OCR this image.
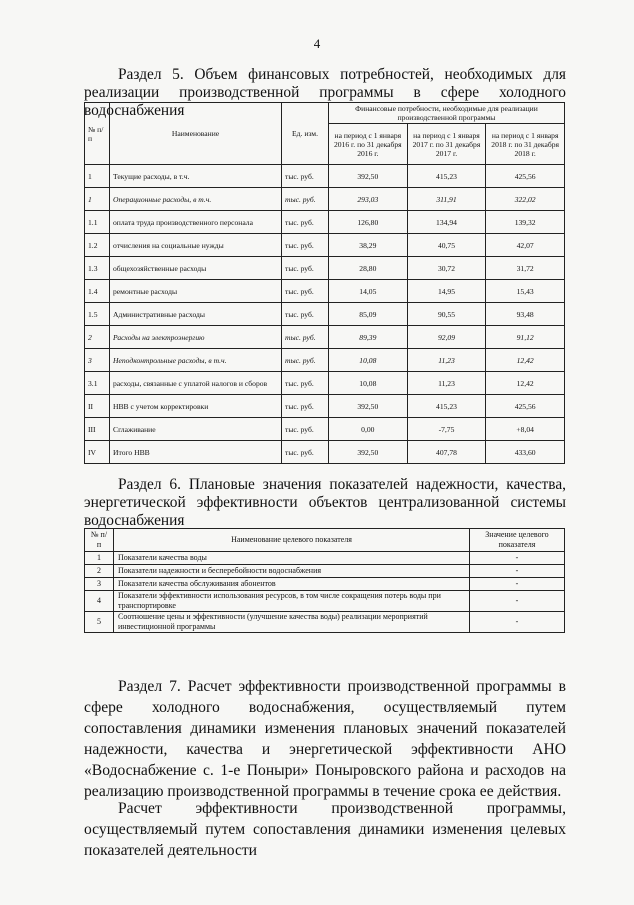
4
Раздел 5. Объем финансовых потребностей, необходимых для реализации производственной программы в сфере холодного водоснабжения
№ п/п	Наименование	Ед. изм.	Финансовые потребности, необходимые для реализации производственной программы		
			на период с 1 января 2016 г. по 31 декабря 2016 г.	на период с 1 января 2017 г. по 31 декабря 2017 г.	на период с 1 января 2018 г. по 31 декабря 2018 г.
1	Текущие расходы, в т.ч.	тыс. руб.	392,50	415,23	425,56
1	Операционные расходы, в т.ч.	тыс. руб.	293,03	311,91	322,02
1.1	оплата труда производственного персонала	тыс. руб.	126,80	134,94	139,32
1.2	отчисления на социальные нужды	тыс. руб.	38,29	40,75	42,07
1.3	общехозяйственные расходы	тыс. руб.	28,80	30,72	31,72
1.4	ремонтные расходы	тыс. руб.	14,05	14,95	15,43
1.5	Административные расходы	тыс. руб.	85,09	90,55	93,48
2	Расходы на электроэнергию	тыс. руб.	89,39	92,09	91,12
3	Неподконтрольные расходы, в т.ч.	тыс. руб.	10,08	11,23	12,42
3.1	расходы, связанные с уплатой налогов и сборов	тыс. руб.	10,08	11,23	12,42
II	НВВ с учетом корректировки	тыс. руб.	392,50	415,23	425,56
III	Сглаживание	тыс. руб.	0,00	-7,75	+8,04
IV	Итого НВВ	тыс. руб.	392,50	407,78	433,60
Раздел 6. Плановые значения показателей надежности, качества, энергетической эффективности объектов централизованной системы водоснабжения
№ п/п	Наименование целевого показателя	Значение целевого показателя
1	Показатели качества воды	-
2	Показатели надежности и бесперебойности водоснабжения	-
3	Показатели качества обслуживания абонентов	-
4	Показатели эффективности использования ресурсов, в том числе сокращения потерь воды при транспортировке	-
5	Соотношение цены и эффективности (улучшение качества воды) реализации мероприятий инвестиционной программы	-
Раздел 7. Расчет эффективности производственной программы в сфере холодного водоснабжения, осуществляемый путем сопоставления динамики изменения плановых значений показателей надежности, качества и энергетической эффективности АНО «Водоснабжение с. 1-е Поныри» Поныровского района и расходов на реализацию производственной программы в течение срока ее действия.
Расчет эффективности производственной программы, осуществляемый путем сопоставления динамики изменения целевых показателей деятельности
